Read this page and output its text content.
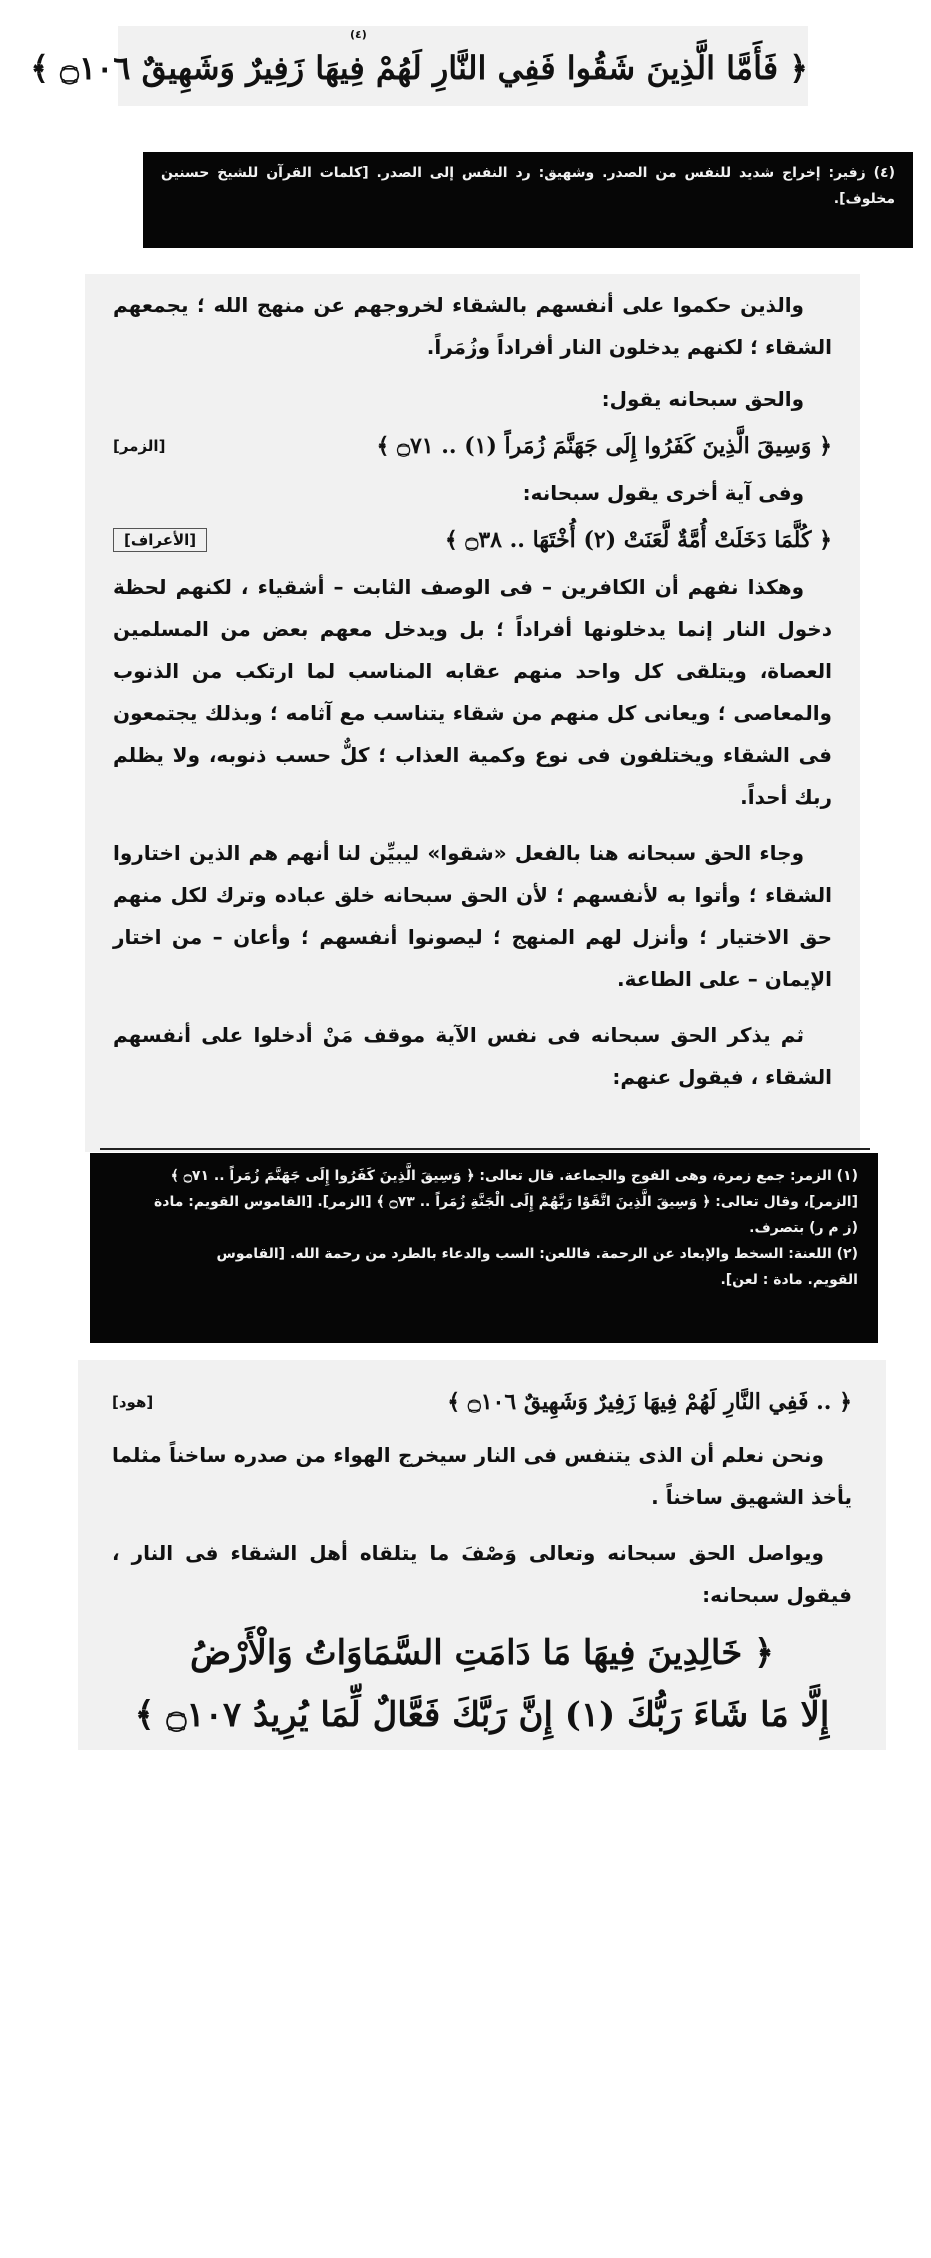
(٤)
﴿ فَأَمَّا الَّذِينَ شَقُوا فَفِي النَّارِ لَهُمْ فِيهَا زَفِيرٌ وَشَهِيقٌ ۝١٠٦ ﴾

(٤) زفير: إخراج شديد للنفس من الصدر. وشهيق: رد النفس إلى الصدر. [كلمات القرآن للشيخ حسنين مخلوف].

والذين حكموا على أنفسهم بالشقاء لخروجهم عن منهج الله ؛ يجمعهم الشقاء ؛ لكنهم يدخلون النار أفراداً وزُمَراً.

والحق سبحانه يقول:

﴿ وَسِيقَ الَّذِينَ كَفَرُوا إِلَى جَهَنَّمَ زُمَراً (١) .. ۝٧١ ﴾
[الزمر]

وفى آية أخرى يقول سبحانه:

﴿ كُلَّمَا دَخَلَتْ أُمَّةٌ لَّعَنَتْ (٢) أُخْتَهَا .. ۝٣٨ ﴾
[الأعراف]

وهكذا نفهم أن الكافرين – فى الوصف الثابت – أشقياء ، لكنهم لحظة دخول النار إنما يدخلونها أفراداً ؛ بل ويدخل معهم بعض من المسلمين العصاة، ويتلقى كل واحد منهم عقابه المناسب لما ارتكب من الذنوب والمعاصى ؛ ويعانى كل منهم من شقاء يتناسب مع آثامه ؛ وبذلك يجتمعون فى الشقاء ويختلفون فى نوع وكمية العذاب ؛ كلٌّ حسب ذنوبه، ولا يظلم ربك أحداً.

وجاء الحق سبحانه هنا بالفعل «شقوا» ليبيِّن لنا أنهم هم الذين اختاروا الشقاء ؛ وأتوا به لأنفسهم ؛ لأن الحق سبحانه خلق عباده وترك لكل منهم حق الاختيار ؛ وأنزل لهم المنهج ؛ ليصونوا أنفسهم ؛ وأعان – من اختار الإيمان – على الطاعة.

ثم يذكر الحق سبحانه فى نفس الآية موقف مَنْ أدخلوا على أنفسهم الشقاء ، فيقول عنهم:

(١) الزمر: جمع زمرة، وهى الفوج والجماعة. قال تعالى: ﴿ وَسِيقَ الَّذِينَ كَفَرُوا إِلَى جَهَنَّمَ زُمَراً .. ۝٧١ ﴾

[الزمر]، وقال تعالى: ﴿ وَسِيقَ الَّذِينَ اتَّقَوْا رَبَّهُمْ إِلَى الْجَنَّةِ زُمَراً .. ۝٧٣ ﴾ [الزمر]. [القاموس القويم: مادة

(ز م ر) بتصرف.

(٢) اللعنة: السخط والإبعاد عن الرحمة. فاللعن: السب والدعاء بالطرد من رحمة الله. [القاموس

القويم. مادة : لعن].

﴿ .. فَفِي النَّارِ لَهُمْ فِيهَا زَفِيرٌ وَشَهِيقٌ ۝١٠٦ ﴾
[هود]

ونحن نعلم أن الذى يتنفس فى النار سيخرج الهواء من صدره ساخناً مثلما يأخذ الشهيق ساخناً .

ويواصل الحق سبحانه وتعالى وَصْفَ ما يتلقاه أهل الشقاء فى النار ، فيقول سبحانه:

﴿ خَالِدِينَ فِيهَا مَا دَامَتِ السَّمَاوَاتُ وَالْأَرْضُ
إِلَّا مَا شَاءَ رَبُّكَ (١) إِنَّ رَبَّكَ فَعَّالٌ لِّمَا يُرِيدُ ۝١٠٧ ﴾
